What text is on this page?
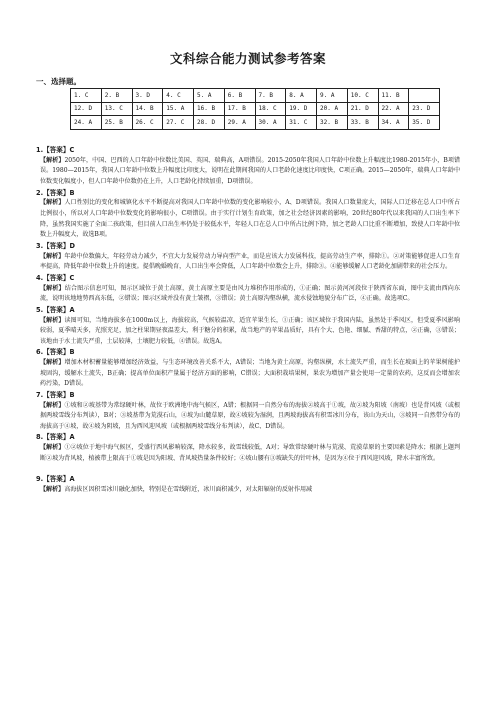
文科综合能力测试参考答案
一、选择题。
1. C	2. B	3. D	4. C	5. A	6. B	7. B	8. A	9. A	10. C	11. B	
12. D	13. C	14. B	15. A	16. B	17. B	18. C	19. D	20. A	21. D	22. A	23. D
24. A	25. B	26. C	27. C	28. D	29. A	30. A	31. C	32. B	33. B	34. A	35. D
1.【答案】C
【解析】2050年，中国、巴西的人口年龄中位数比美国、英国、瑞典高，A项错误。2015-2050年我国人口年龄中位数上升幅度比1980-2015年小，B项错误。1980—2015年，我国人口年龄中位数上升幅度比印度大，说明在此期间我国的人口老龄化速度比印度快，C项正确。2015—2050年，瑞典人口年龄中位数变化幅度小，但人口年龄中位数仍在上升，人口老龄化持续加重，D项错误。
2.【答案】B
【解析】人口性别比的变化和城镇化水平不断提高对我国人口年龄中位数的变化影响较小，A、D项错误。我国人口数量庞大，国际人口迁移在总人口中所占比例很小，所以对人口年龄中位数变化的影响很小，C项错误。由于实行计划生育政策，加之社会经济因素的影响，20世纪80年代以来我国的人口出生率下降，虽然我国实施了全面二孩政策，但目前人口出生率仍处于较低水平，年轻人口在总人口中所占比例下降，加之老龄人口比重不断增加，致使人口年龄中位数上升幅度大，故选B项。
3.【答案】D
【解析】年龄中位数偏大，年轻劳动力减少，不宜大力发展劳动力导向型产业，而是应该大力发展科技，提高劳动生产率，排除①。②对策能够促进人口生育率提高，降低年龄中位数上升的速度。提倡晚婚晚育，人口出生率会降低，人口年龄中位数会上升，排除③。④能够缓解人口老龄化加剧带来的社会压力。
4.【答案】C
【解析】结合图示信息可知，图示区域位于黄土高原，黄土高原主要是由风力堆积作用形成的，①正确；图示黄河河段位于陕西省东面，图中支流由西向东流，说明该地地势西高东低，②错误；图示区域并没有黄土皱褶，③错误；黄土高原沟壑纵横，流水侵蚀地貌分布广泛，④正确。故选项C。
5.【答案】A
【解析】读图可知，当地海拔多在1000m以上，海拔较高，气候较温凉，适宜苹果生长，①正确；该区域位于我国内陆，虽然处于季风区，但受夏季风影响较弱，夏季晴天多，光照充足，加之柱果期昼夜温差大，利于糖分的积累，故当地产的苹果品质好，具有个大、色艳、细腻、香甜的特点，②正确，③错误；该地由于水土流失严重，土层较薄，土壤肥力较低，④错误。故选A。
6.【答案】B
【解析】增加木材积蓄量能够增加经济效益，与生态环境改善关系不大，A错误；当地为黄土高原，沟壑纵横，水土流失严重，而生长在坡面上的苹果树能护坡固沟，缓解水土流失，B正确；提高单位面积产量属于经济方面的影响，C错误；大面积栽培果树，果农为增加产量会使用一定量的农药，这反而会增加农药污染，D错误。
7.【答案】B
【解析】①坡和②坡基带为常绿硬叶林，故位于欧洲地中海气候区，A错；根据同一自然分布的海拔②坡高于①坡，故②坡为阳坡（南坡）也是背风坡（或根据两坡雪线分布判读），B对；③坡基带为荒漠石山，④坡为山麓草原，故④坡较为湿润，且两坡海拔高有积雪冰川分布，该山为天山，③坡同一自然带分布的海拔高于④坡，故④坡为阴坡，且为西风迎风坡（或根据两坡雪线分布判读），故C、D错误。
8.【答案】A
【解析】①②坡位于地中海气候区，受盛行西风影响较深，降水较多，故雪线较低，A对；导致常绿硬叶林与荒漠、荒漠草原的主要因素是降水；根据上题判断②坡为背风坡，植被带上限高于①坡是因为阳坡、背风坡热量条件较好；④坡山腰有③坡缺失的针叶林，是因为④位于西风迎风坡，降水丰富所致。
9.【答案】A
【解析】高海拔区因积雪冰川融化加快，特别是在雪线附近，冰川面积减少，对太阳辐射的反射作用减
